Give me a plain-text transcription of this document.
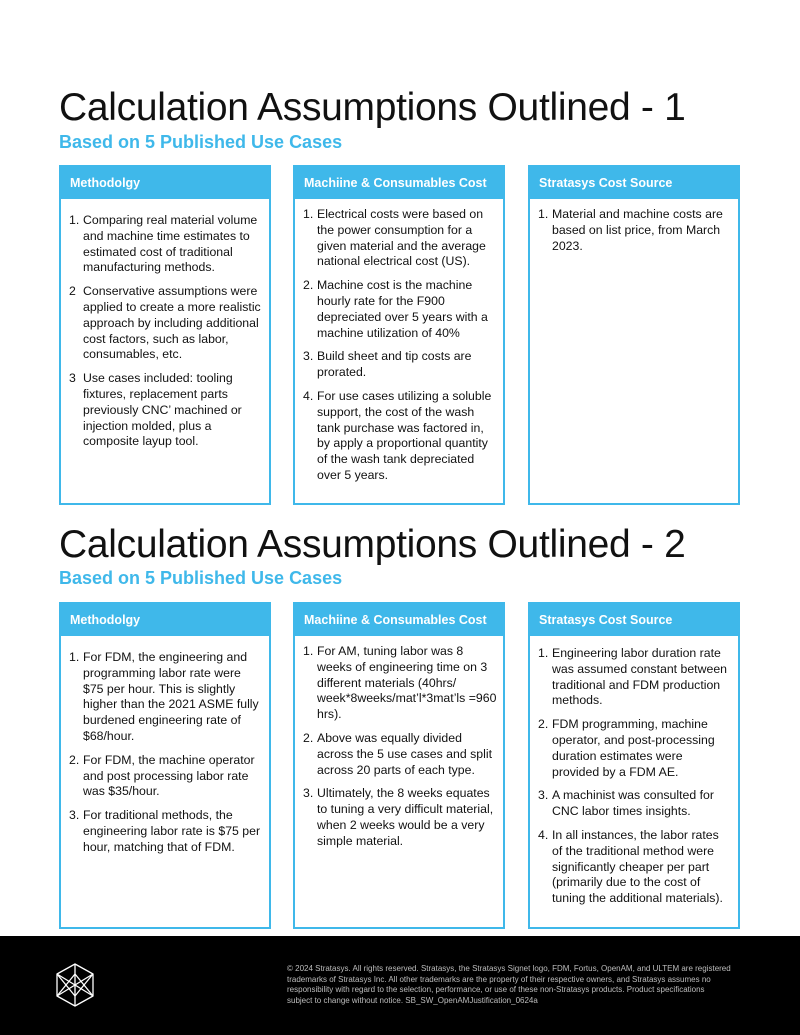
Calculation Assumptions Outlined - 1
Based on 5 Published Use Cases
Methodolgy
1. Comparing real material volume and machine time estimates to estimated cost of traditional manufacturing methods.
2 Conservative assumptions were applied to create a more realistic approach by including additional cost factors, such as labor, consumables, etc.
3 Use cases included: tooling fixtures, replacement parts previously CNC’ machined or injection molded, plus a composite layup tool.
Machiine & Consumables Cost
1. Electrical costs were based on the power consumption for a given material and the average national electrical cost (US).
2. Machine cost is the machine hourly rate for the F900 depreciated over 5 years with a machine utilization of 40%
3. Build sheet and tip costs are prorated.
4. For use cases utilizing a soluble support, the cost of the wash tank purchase was factored in, by apply a proportional quantity of the wash tank depreciated over 5 years.
Stratasys Cost Source
1. Material and machine costs are based on list price, from March 2023.
Calculation Assumptions Outlined - 2
Based on 5 Published Use Cases
Methodolgy
1. For FDM, the engineering and programming labor rate were $75 per hour. This is slightly higher than the 2021 ASME fully burdened engineering rate of $68/hour.
2. For FDM, the machine operator and post processing labor rate was $35/hour.
3. For traditional methods, the engineering labor rate is $75 per hour, matching that of FDM.
Machiine & Consumables Cost
1. For AM, tuning labor was 8 weeks of engineering time on 3 different materials (40hrs/ week*8weeks/mat’l*3mat’ls =960 hrs).
2. Above was equally divided across the 5 use cases and split across 20 parts of each type.
3. Ultimately, the 8 weeks equates to tuning a very difficult material, when 2 weeks would be a very simple material.
Stratasys Cost Source
1. Engineering labor duration rate was assumed constant between traditional and FDM production methods.
2. FDM programming, machine operator, and post-processing duration estimates were provided by a FDM AE.
3. A machinist was consulted for CNC labor times insights.
4. In all instances, the labor rates of the traditional method were significantly cheaper per part (primarily due to the cost of tuning the additional materials).
© 2024 Stratasys. All rights reserved. Stratasys, the Stratasys Signet logo, FDM, Fortus, OpenAM, and ULTEM are registered trademarks of Stratasys Inc. All other trademarks are the property of their respective owners, and Stratasys assumes no responsibility with regard to the selection, performance, or use of these non-Stratasys products. Product specifications subject to change without notice. SB_SW_OpenAMJustification_0624a
